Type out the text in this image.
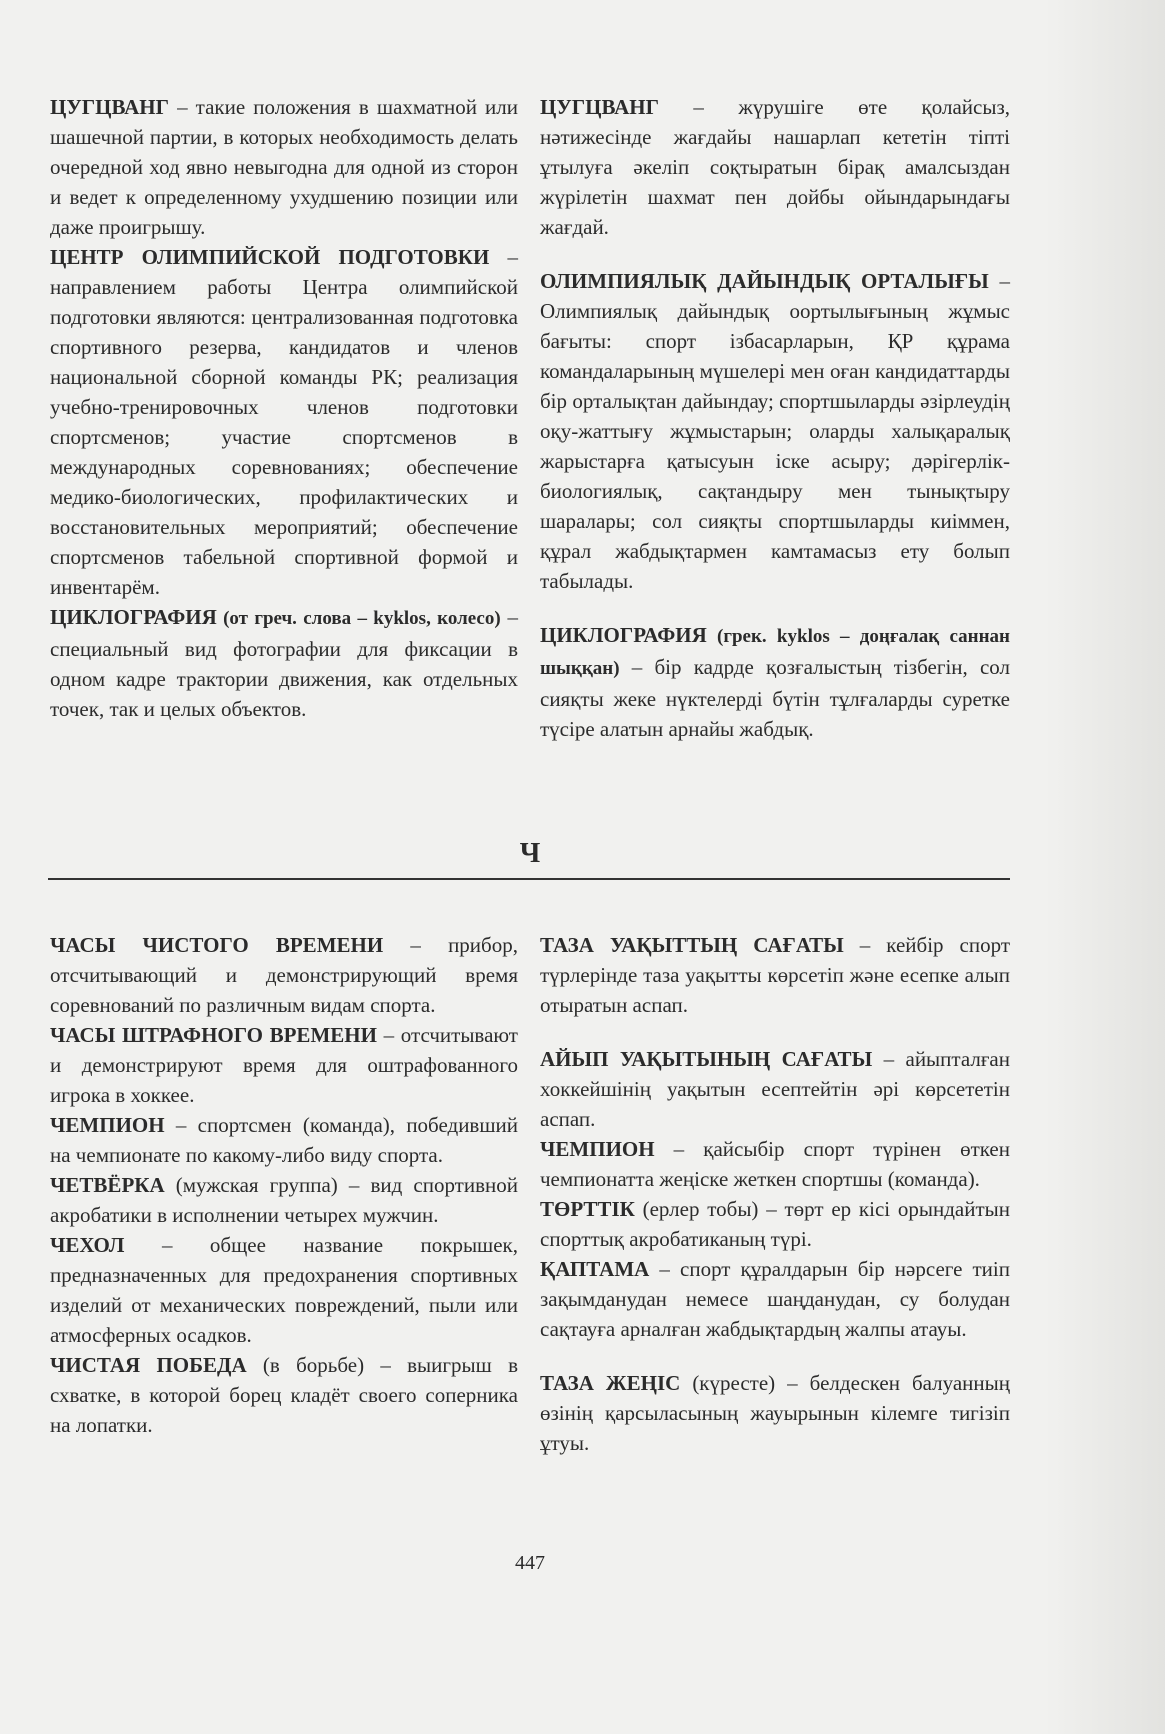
ЦУГЦВАНГ – такие положения в шахматной или шашечной партии, в которых необходимость делать очередной ход явно невыгодна для одной из сторон и ведет к определенному ухудшению позиции или даже проигрышу.

ЦЕНТР ОЛИМПИЙСКОЙ ПОДГОТОВКИ – направлением работы Центра олимпийской подготовки являются: централизованная подготовка спортивного резерва, кандидатов и членов национальной сборной команды РК; реализация учебно-тренировочных членов подготовки спортсменов; участие спортсменов в международных соревнованиях; обеспечение медико-биологических, профилактических и восстановительных мероприятий; обеспечение спортсменов табельной спортивной формой и инвентарём.

ЦИКЛОГРАФИЯ (от греч. слова – kyklos, колесо) – специальный вид фотографии для фиксации в одном кадре трактории движения, как отдельных точек, так и целых объектов.

ЦУГЦВАНГ – жүрушіге өте қолайсыз, нәтижесінде жағдайы нашарлап кететін тіпті ұтылуға әкеліп соқтыратын бірақ амалсыздан жүрілетін шахмат пен дойбы ойындарындағы жағдай.

ОЛИМПИЯЛЫҚ ДАЙЫНДЫҚ ОРТАЛЫҒЫ – Олимпиялық дайындық оортылығының жұмыс бағыты: спорт ізбасарларын, ҚР құрама командаларының мүшелері мен оған кандидаттарды бір орталықтан дайындау; спортшыларды әзірлеудің оқу-жаттығу жұмыстарын; оларды халықаралық жарыстарға қатысуын іске асыру; дәрігерлік-биологиялық, сақтандыру мен тынықтыру шаралары; сол сияқты спортшыларды киіммен, құрал жабдықтармен камтамасыз ету болып табылады.

ЦИКЛОГРАФИЯ (грек. kyklos – доңғалақ саннан шыққан) – бір кадрде қозғалыстың тізбегін, сол сияқты жеке нүктелерді бүтін тұлғаларды суретке түсіре алатын арнайы жабдық.

Ч

ЧАСЫ ЧИСТОГО ВРЕМЕНИ – прибор, отсчитывающий и демонстрирующий время соревнований по различным видам спорта.

ЧАСЫ ШТРАФНОГО ВРЕМЕНИ – отсчитывают и демонстрируют время для оштрафованного игрока в хоккее.

ЧЕМПИОН – спортсмен (команда), победивший на чемпионате по какому-либо виду спорта.

ЧЕТВЁРКА (мужская группа) – вид спортивной акробатики в исполнении четырех мужчин.

ЧЕХОЛ – общее название покрышек, предназначенных для предохранения спортивных изделий от механических повреждений, пыли или атмосферных осадков.

ЧИСТАЯ ПОБЕДА (в борьбе) – выигрыш в схватке, в которой борец кладёт своего соперника на лопатки.

ТАЗА УАҚЫТТЫҢ САҒАТЫ – кейбір спорт түрлерінде таза уақытты көрсетіп және есепке алып отыратын аспап.

АЙЫП УАҚЫТЫНЫҢ САҒАТЫ – айыпталған хоккейшінің уақытын есептейтін әрі көрсететін аспап.

ЧЕМПИОН – қайсыбір спорт түрінен өткен чемпионатта жеңіске жеткен спортшы (команда).

ТӨРТТІК (ерлер тобы) – төрт ер кісі орындайтын спорттық акробатиканың түрі.

ҚАПТАМА – спорт құралдарын бір нәрсеге тиіп зақымданудан немесе шаңданудан, су болудан сақтауға арналған жабдықтардың жалпы атауы.

ТАЗА ЖЕҢІС (күресте) – белдескен балуанның өзінің қарсыласының жауырынын кілемге тигізіп ұтуы.

447
